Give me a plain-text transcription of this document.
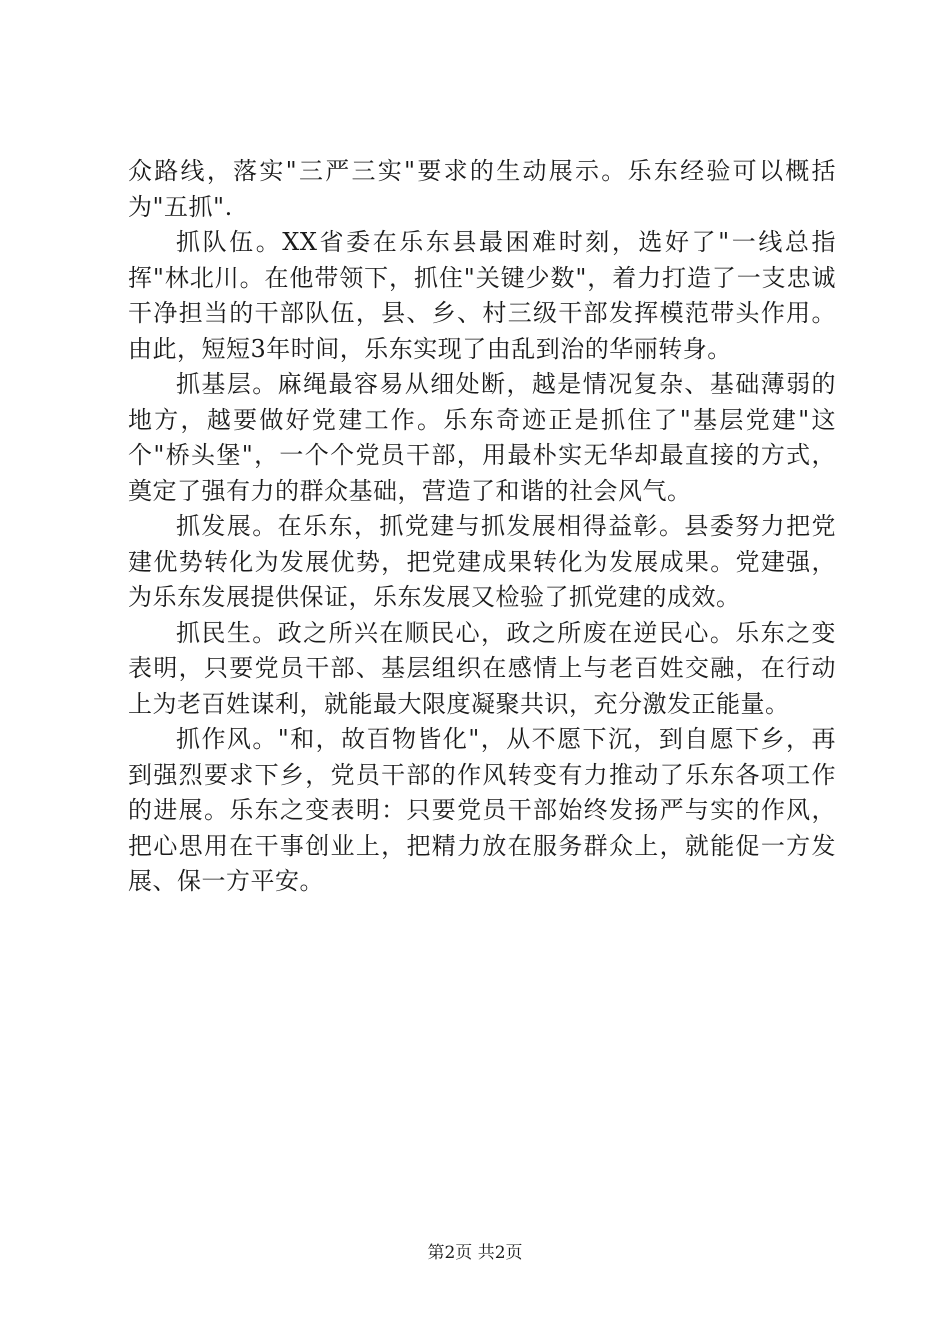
众路线，落实"三严三实"要求的生动展示。乐东经验可以概括为"五抓".

抓队伍。XX省委在乐东县最困难时刻，选好了"一线总指挥"林北川。在他带领下，抓住"关键少数"，着力打造了一支忠诚干净担当的干部队伍，县、乡、村三级干部发挥模范带头作用。由此，短短3年时间，乐东实现了由乱到治的华丽转身。

抓基层。麻绳最容易从细处断，越是情况复杂、基础薄弱的地方，越要做好党建工作。乐东奇迹正是抓住了"基层党建"这个"桥头堡"，一个个党员干部，用最朴实无华却最直接的方式，奠定了强有力的群众基础，营造了和谐的社会风气。

抓发展。在乐东，抓党建与抓发展相得益彰。县委努力把党建优势转化为发展优势，把党建成果转化为发展成果。党建强，为乐东发展提供保证，乐东发展又检验了抓党建的成效。

抓民生。政之所兴在顺民心，政之所废在逆民心。乐东之变表明，只要党员干部、基层组织在感情上与老百姓交融，在行动上为老百姓谋利，就能最大限度凝聚共识，充分激发正能量。

抓作风。"和，故百物皆化"，从不愿下沉，到自愿下乡，再到强烈要求下乡，党员干部的作风转变有力推动了乐东各项工作的进展。乐东之变表明：只要党员干部始终发扬严与实的作风，把心思用在干事创业上，把精力放在服务群众上，就能促一方发展、保一方平安。

第2页 共2页
